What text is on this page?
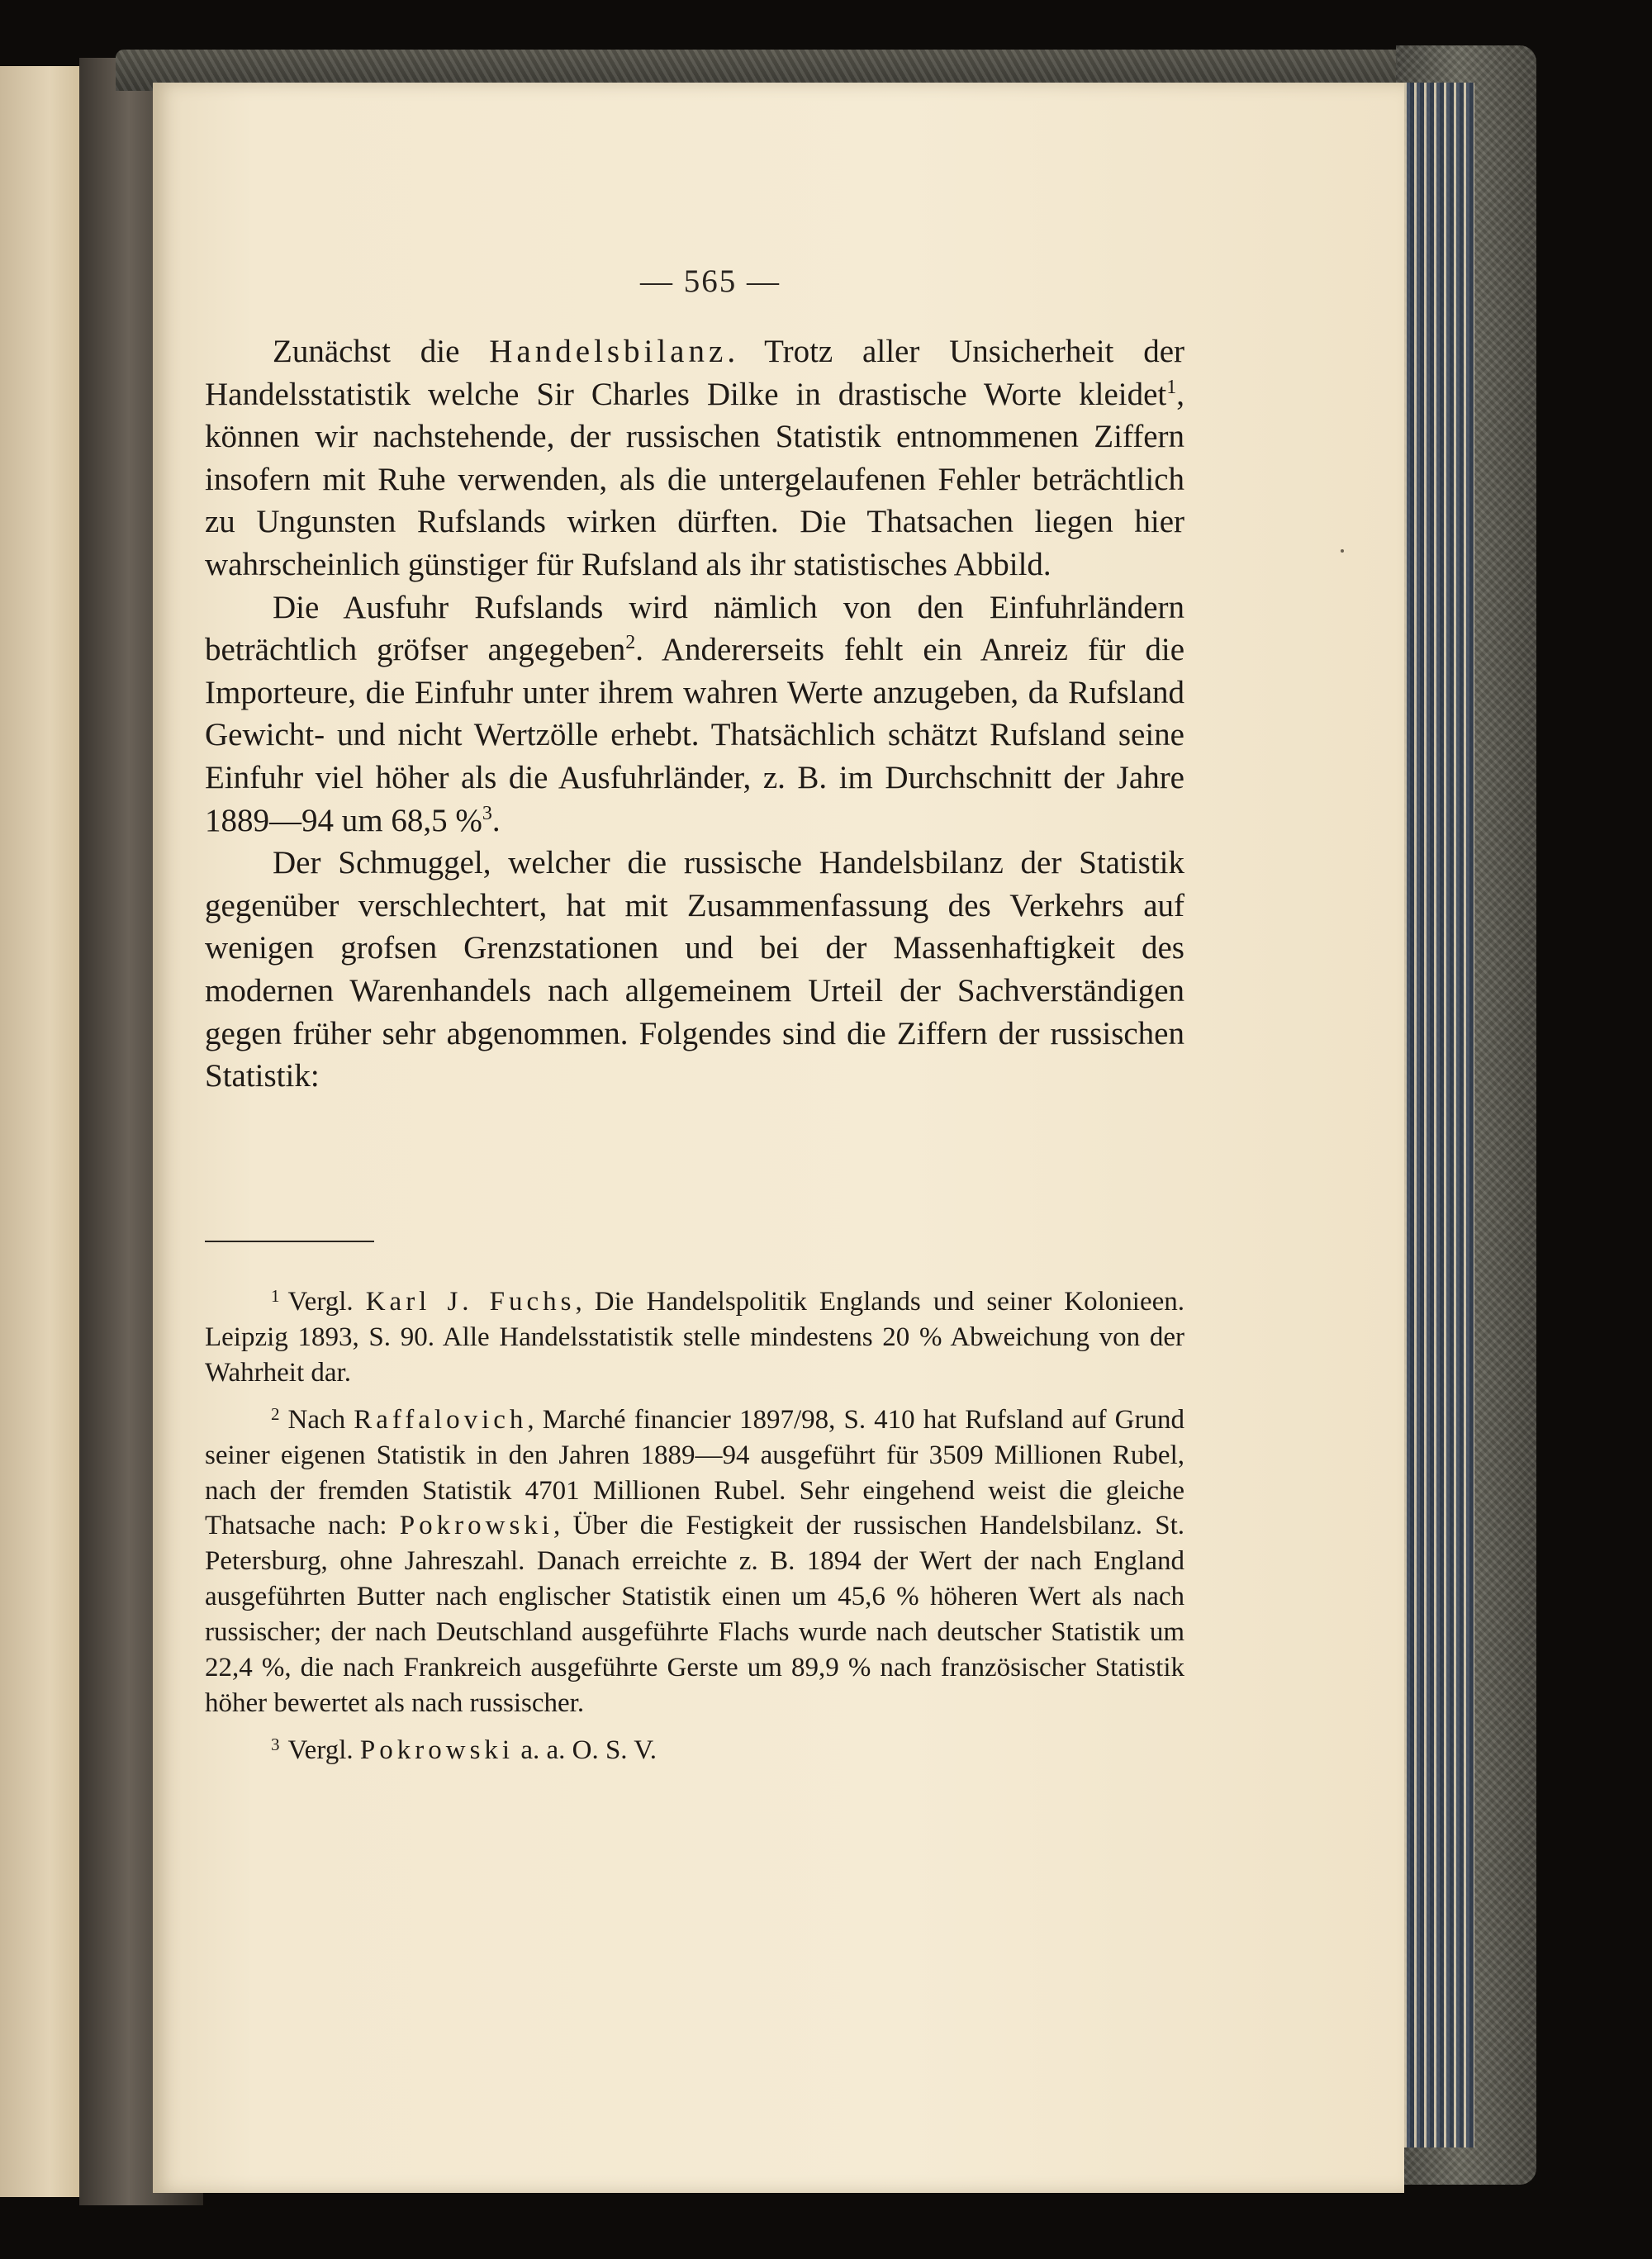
— 565 —

Zunächst die Handelsbilanz. Trotz aller Unsicherheit der Handelsstatistik welche Sir Charles Dilke in drastische Worte kleidet$^1$, können wir nachstehende, der russischen Statistik entnommenen Ziffern insofern mit Ruhe verwenden, als die untergelaufenen Fehler beträchtlich zu Ungunsten Rufslands wirken dürften. Die Thatsachen liegen hier wahrscheinlich günstiger für Rufsland als ihr statistisches Abbild.

Die Ausfuhr Rufslands wird nämlich von den Einfuhrländern beträchtlich gröfser angegeben$^2$. Andererseits fehlt ein Anreiz für die Importeure, die Einfuhr unter ihrem wahren Werte anzugeben, da Rufsland Gewicht- und nicht Wertzölle erhebt. Thatsächlich schätzt Rufsland seine Einfuhr viel höher als die Ausfuhrländer, z. B. im Durchschnitt der Jahre 1889—94 um 68,5 %$^3$.

Der Schmuggel, welcher die russische Handelsbilanz der Statistik gegenüber verschlechtert, hat mit Zusammenfassung des Verkehrs auf wenigen grofsen Grenzstationen und bei der Massenhaftigkeit des modernen Warenhandels nach allgemeinem Urteil der Sachverständigen gegen früher sehr abgenommen. Folgendes sind die Ziffern der russischen Statistik:

$^1$ Vergl. Karl J. Fuchs, Die Handelspolitik Englands und seiner Kolonieen. Leipzig 1893, S. 90. Alle Handelsstatistik stelle mindestens 20 % Abweichung von der Wahrheit dar.

$^2$ Nach Raffalovich, Marché financier 1897/98, S. 410 hat Rufsland auf Grund seiner eigenen Statistik in den Jahren 1889—94 ausgeführt für 3509 Millionen Rubel, nach der fremden Statistik 4701 Millionen Rubel. Sehr eingehend weist die gleiche Thatsache nach: Pokrowski, Über die Festigkeit der russischen Handelsbilanz. St. Petersburg, ohne Jahreszahl. Danach erreichte z. B. 1894 der Wert der nach England ausgeführten Butter nach englischer Statistik einen um 45,6 % höheren Wert als nach russischer; der nach Deutschland ausgeführte Flachs wurde nach deutscher Statistik um 22,4 %, die nach Frankreich ausgeführte Gerste um 89,9 % nach französischer Statistik höher bewertet als nach russischer.

$^3$ Vergl. Pokrowski a. a. O. S. V.
